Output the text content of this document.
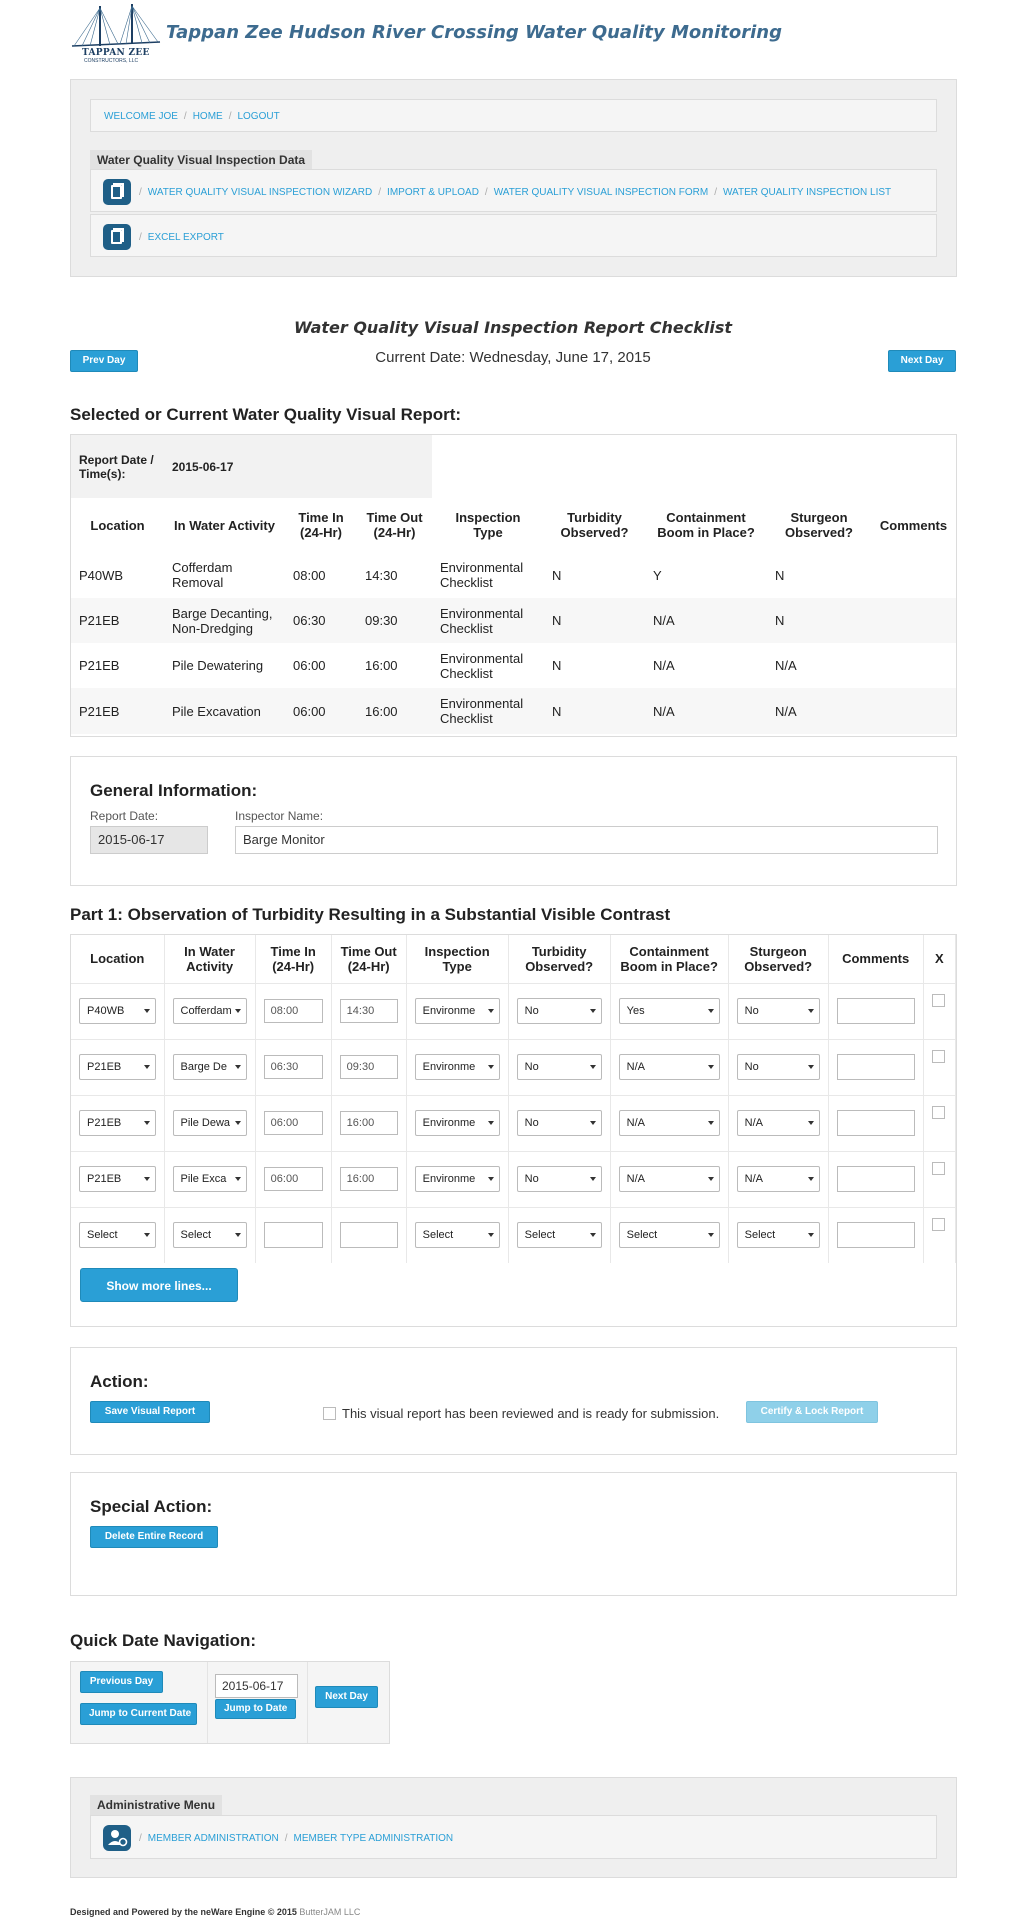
TAPPAN ZEE
CONSTRUCTORS, LLC
Tappan Zee Hudson River Crossing Water Quality Monitoring
WELCOME JOE / HOME / LOGOUT
Water Quality Visual Inspection Data
/ WATER QUALITY VISUAL INSPECTION WIZARD / IMPORT & UPLOAD / WATER QUALITY VISUAL INSPECTION FORM / WATER QUALITY INSPECTION LIST
/ EXCEL EXPORT
Water Quality Visual Inspection Report Checklist
Prev Day	Current Date: Wednesday, June 17, 2015	Next Day
Selected or Current Water Quality Visual Report:
Report Date / Time(s):	2015-06-17							
Location	In Water Activity	Time In (24-Hr)	Time Out (24-Hr)	Inspection Type	Turbidity Observed?	Containment Boom in Place?	Sturgeon Observed?	Comments
P40WB	Cofferdam Removal	08:00	14:30	Environmental Checklist	N	Y	N	
P21EB	Barge Decanting, Non-Dredging	06:30	09:30	Environmental Checklist	N	N/A	N	
P21EB	Pile Dewatering	06:00	16:00	Environmental Checklist	N	N/A	N/A	
P21EB	Pile Excavation	06:00	16:00	Environmental Checklist	N	N/A	N/A	
General Information:
Report Date:
2015-06-17
Inspector Name:
Barge Monitor
Part 1: Observation of Turbidity Resulting in a Substantial Visible Contrast
Location	In Water Activity	Time In (24-Hr)	Time Out (24-Hr)	Inspection Type	Turbidity Observed?	Containment Boom in Place?	Sturgeon Observed?	Comments	X

P40WB	Cofferdam	08:00	14:30	Environme	No	Yes	No		

P21EB	Barge De	06:30	09:30	Environme	No	N/A	No		

P21EB	Pile Dewa	06:00	16:00	Environme	No	N/A	N/A		

P21EB	Pile Exca	06:00	16:00	Environme	No	N/A	N/A		

Select	Select			Select	Select	Select	Select		

Show more lines...
Action:
Save Visual Report	This visual report has been reviewed and is ready for submission.	Certify & Lock Report
Special Action:
Delete Entire Record
Quick Date Navigation:
Previous Day
Jump to Current Date
2015-06-17
Jump to Date
Next Day
Administrative Menu
/ MEMBER ADMINISTRATION / MEMBER TYPE ADMINISTRATION
Designed and Powered by the neWare Engine © 2015 ButterJAM LLC
